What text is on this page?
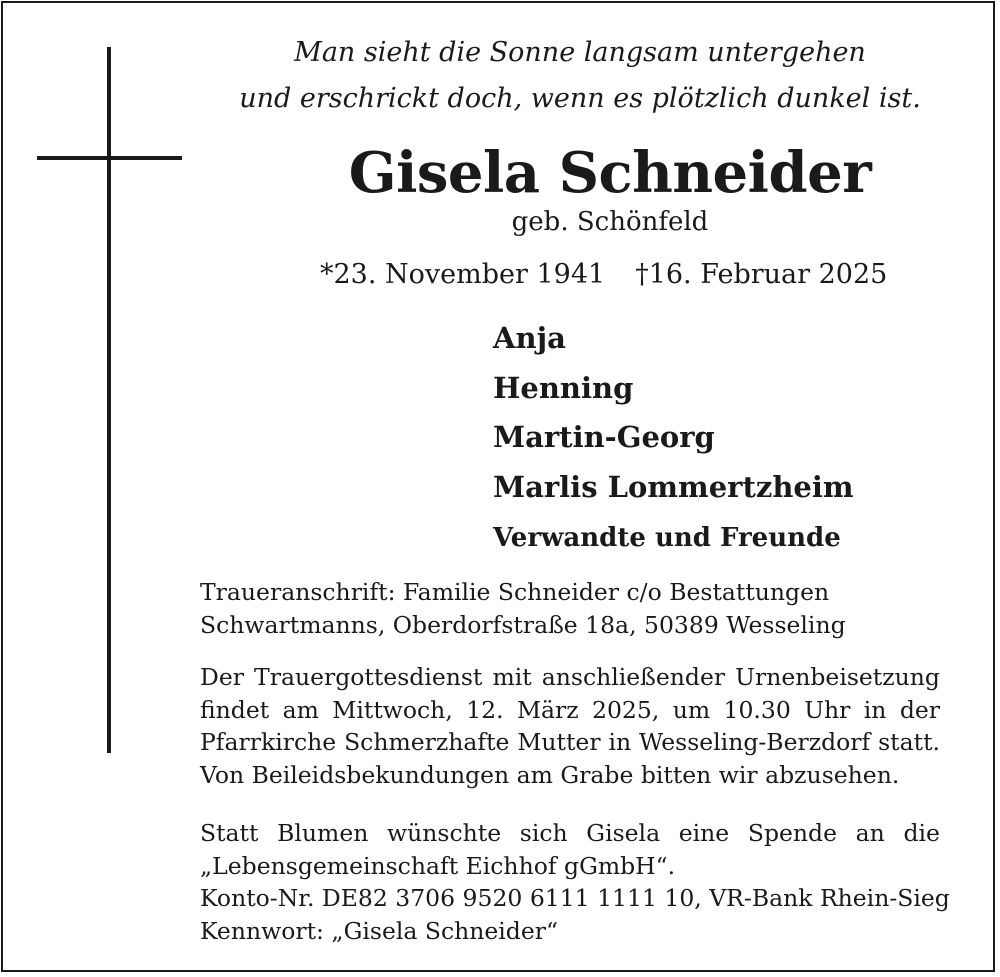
Man sieht die Sonne langsam untergehen
und erschrickt doch, wenn es plötzlich dunkel ist.
Gisela Schneider
geb. Schönfeld
*23. November 1941 †16. Februar 2025
Anja
Henning
Martin-Georg
Marlis Lommertzheim
Verwandte und Freunde
Traueranschrift: Familie Schneider c/o Bestattungen
Schwartmanns, Oberdorfstraße 18a, 50389 Wesseling
Der Trauergottesdienst mit anschließender Urnenbeisetzung
findet am Mittwoch, 12. März 2025, um 10.30 Uhr in der
Pfarrkirche Schmerzhafte Mutter in Wesseling-Berzdorf statt.
Von Beileidsbekundungen am Grabe bitten wir abzusehen.
Statt Blumen wünschte sich Gisela eine Spende an die
„Lebensgemeinschaft Eichhof gGmbH“.
Konto-Nr. DE82 3706 9520 6111 1111 10, VR-Bank Rhein-Sieg
Kennwort: „Gisela Schneider“
